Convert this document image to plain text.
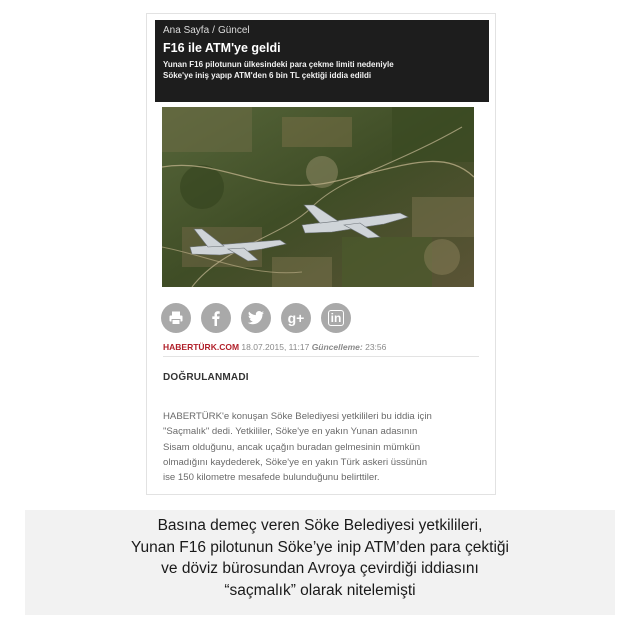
Ana Sayfa / Güncel
F16 ile ATM'ye geldi
Yunan F16 pilotunun ülkesindeki para çekme limiti nedeniyle
Söke'ye iniş yapıp ATM'den 6 bin TL çektiği iddia edildi
g+ in
HABERTÜRK.COM 18.07.2015, 11:17 Güncelleme: 23:56
DOĞRULANMADI
HABERTÜRK'e konuşan Söke Belediyesi yetkilileri bu iddia için
"Saçmalık" dedi. Yetkililer, Söke'ye en yakın Yunan adasının
Sisam olduğunu, ancak uçağın buradan gelmesinin mümkün
olmadığını kaydederek, Söke'ye en yakın Türk askeri üssünün
ise 150 kilometre mesafede bulunduğunu belirttiler.
Basına demeç veren Söke Belediyesi yetkilileri,
Yunan F16 pilotunun Söke’ye inip ATM’den para çektiği
ve döviz bürosundan Avroya çevirdiği iddiasını
“saçmalık” olarak nitelemişti
